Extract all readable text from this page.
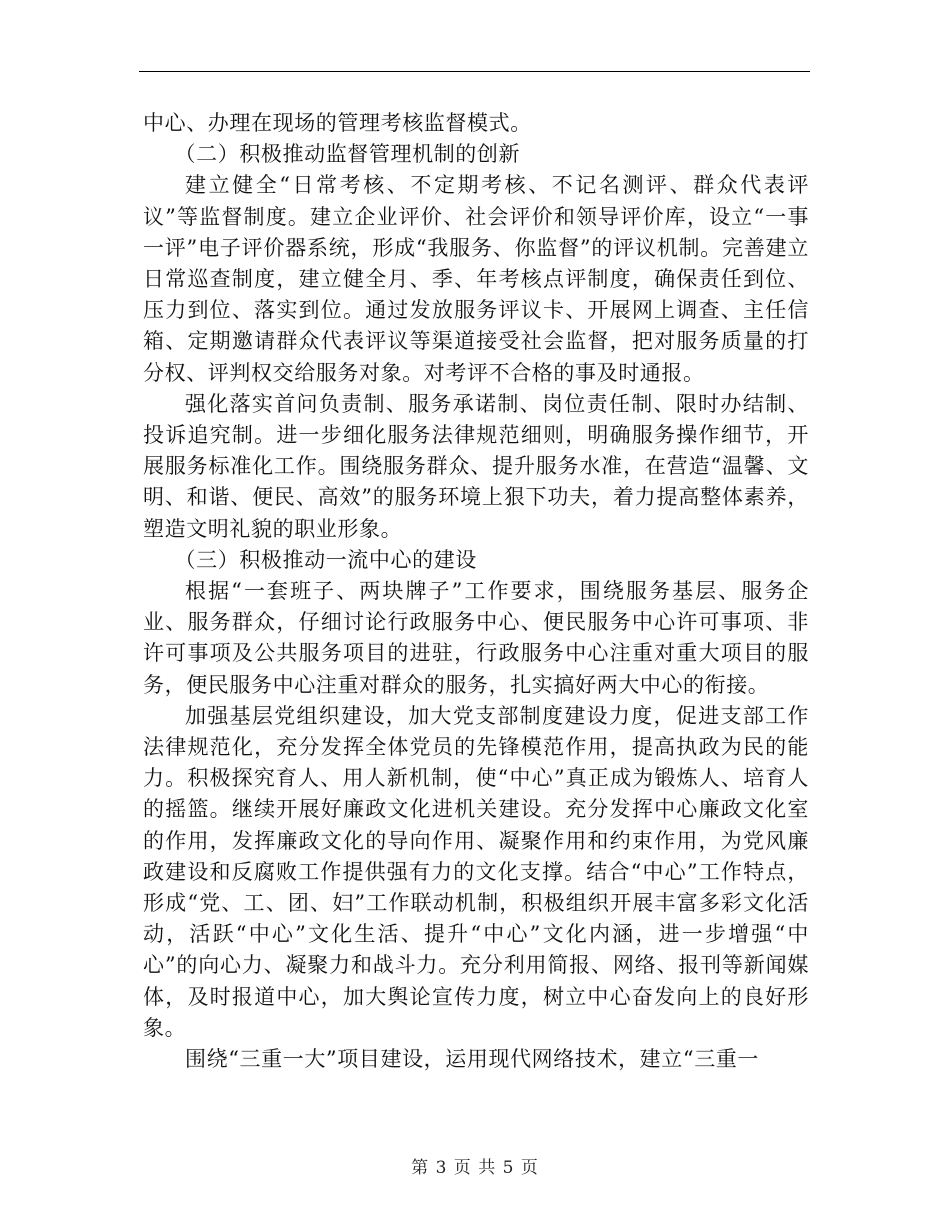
中心、办理在现场的管理考核监督模式。

（二）积极推动监督管理机制的创新

建立健全“日常考核、不定期考核、不记名测评、群众代表评议”等监督制度。建立企业评价、社会评价和领导评价库，设立“一事一评”电子评价器系统，形成“我服务、你监督”的评议机制。完善建立日常巡查制度，建立健全月、季、年考核点评制度，确保责任到位、压力到位、落实到位。通过发放服务评议卡、开展网上调查、主任信箱、定期邀请群众代表评议等渠道接受社会监督，把对服务质量的打分权、评判权交给服务对象。对考评不合格的事及时通报。

强化落实首问负责制、服务承诺制、岗位责任制、限时办结制、投诉追究制。进一步细化服务法律规范细则，明确服务操作细节，开展服务标准化工作。围绕服务群众、提升服务水准，在营造“温馨、文明、和谐、便民、高效”的服务环境上狠下功夫，着力提高整体素养，塑造文明礼貌的职业形象。

（三）积极推动一流中心的建设

根据“一套班子、两块牌子”工作要求，围绕服务基层、服务企业、服务群众，仔细讨论行政服务中心、便民服务中心许可事项、非许可事项及公共服务项目的进驻，行政服务中心注重对重大项目的服务，便民服务中心注重对群众的服务，扎实搞好两大中心的衔接。

加强基层党组织建设，加大党支部制度建设力度，促进支部工作法律规范化，充分发挥全体党员的先锋模范作用，提高执政为民的能力。积极探究育人、用人新机制，使“中心”真正成为锻炼人、培育人的摇篮。继续开展好廉政文化进机关建设。充分发挥中心廉政文化室的作用，发挥廉政文化的导向作用、凝聚作用和约束作用，为党风廉政建设和反腐败工作提供强有力的文化支撑。结合“中心”工作特点，形成“党、工、团、妇”工作联动机制，积极组织开展丰富多彩文化活动，活跃“中心”文化生活、提升“中心”文化内涵，进一步增强“中心”的向心力、凝聚力和战斗力。充分利用简报、网络、报刊等新闻媒体，及时报道中心，加大舆论宣传力度，树立中心奋发向上的良好形象。

围绕“三重一大”项目建设，运用现代网络技术，建立“三重一

第 3 页 共 5 页
